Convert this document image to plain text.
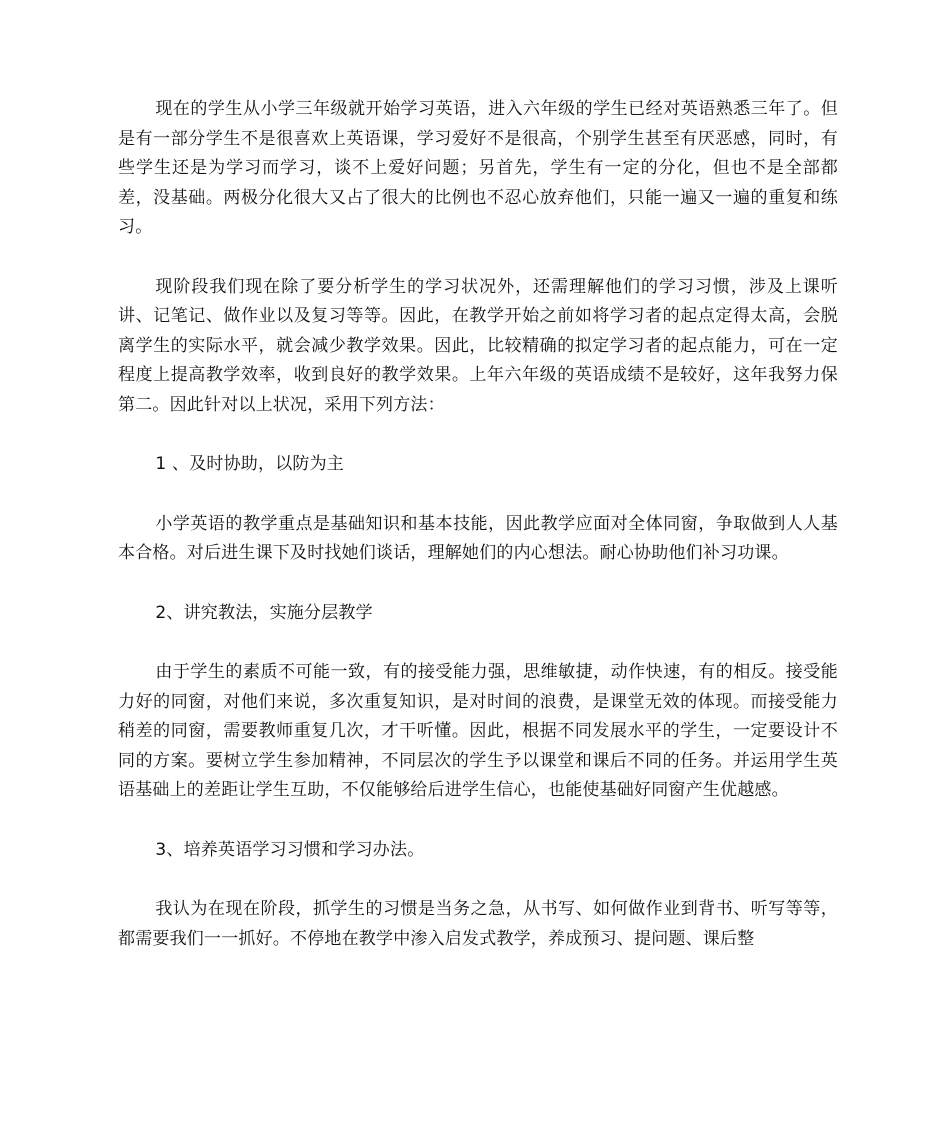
现在的学生从小学三年级就开始学习英语，进入六年级的学生已经对英语熟悉三年了。但是有一部分学生不是很喜欢上英语课，学习爱好不是很高，个别学生甚至有厌恶感，同时，有些学生还是为学习而学习，谈不上爱好问题；另首先，学生有一定的分化，但也不是全部都差，没基础。两极分化很大又占了很大的比例也不忍心放弃他们，只能一遍又一遍的重复和练习。

现阶段我们现在除了要分析学生的学习状况外，还需理解他们的学习习惯，涉及上课听讲、记笔记、做作业以及复习等等。因此，在教学开始之前如将学习者的起点定得太高，会脱离学生的实际水平，就会减少教学效果。因此，比较精确的拟定学习者的起点能力，可在一定程度上提高教学效率，收到良好的教学效果。上年六年级的英语成绩不是较好，这年我努力保第二。因此针对以上状况，采用下列方法：

1 、及时协助，以防为主

小学英语的教学重点是基础知识和基本技能，因此教学应面对全体同窗，争取做到人人基本合格。对后进生课下及时找她们谈话，理解她们的内心想法。耐心协助他们补习功课。

2、讲究教法，实施分层教学

由于学生的素质不可能一致，有的接受能力强，思维敏捷，动作快速，有的相反。接受能力好的同窗，对他们来说，多次重复知识，是对时间的浪费，是课堂无效的体现。而接受能力稍差的同窗，需要教师重复几次，才干听懂。因此，根据不同发展水平的学生，一定要设计不同的方案。要树立学生参加精神，不同层次的学生予以课堂和课后不同的任务。并运用学生英语基础上的差距让学生互助，不仅能够给后进学生信心，也能使基础好同窗产生优越感。

3、培养英语学习习惯和学习办法。

我认为在现在阶段，抓学生的习惯是当务之急，从书写、如何做作业到背书、听写等等，都需要我们一一抓好。不停地在教学中渗入启发式教学，养成预习、提问题、课后整
